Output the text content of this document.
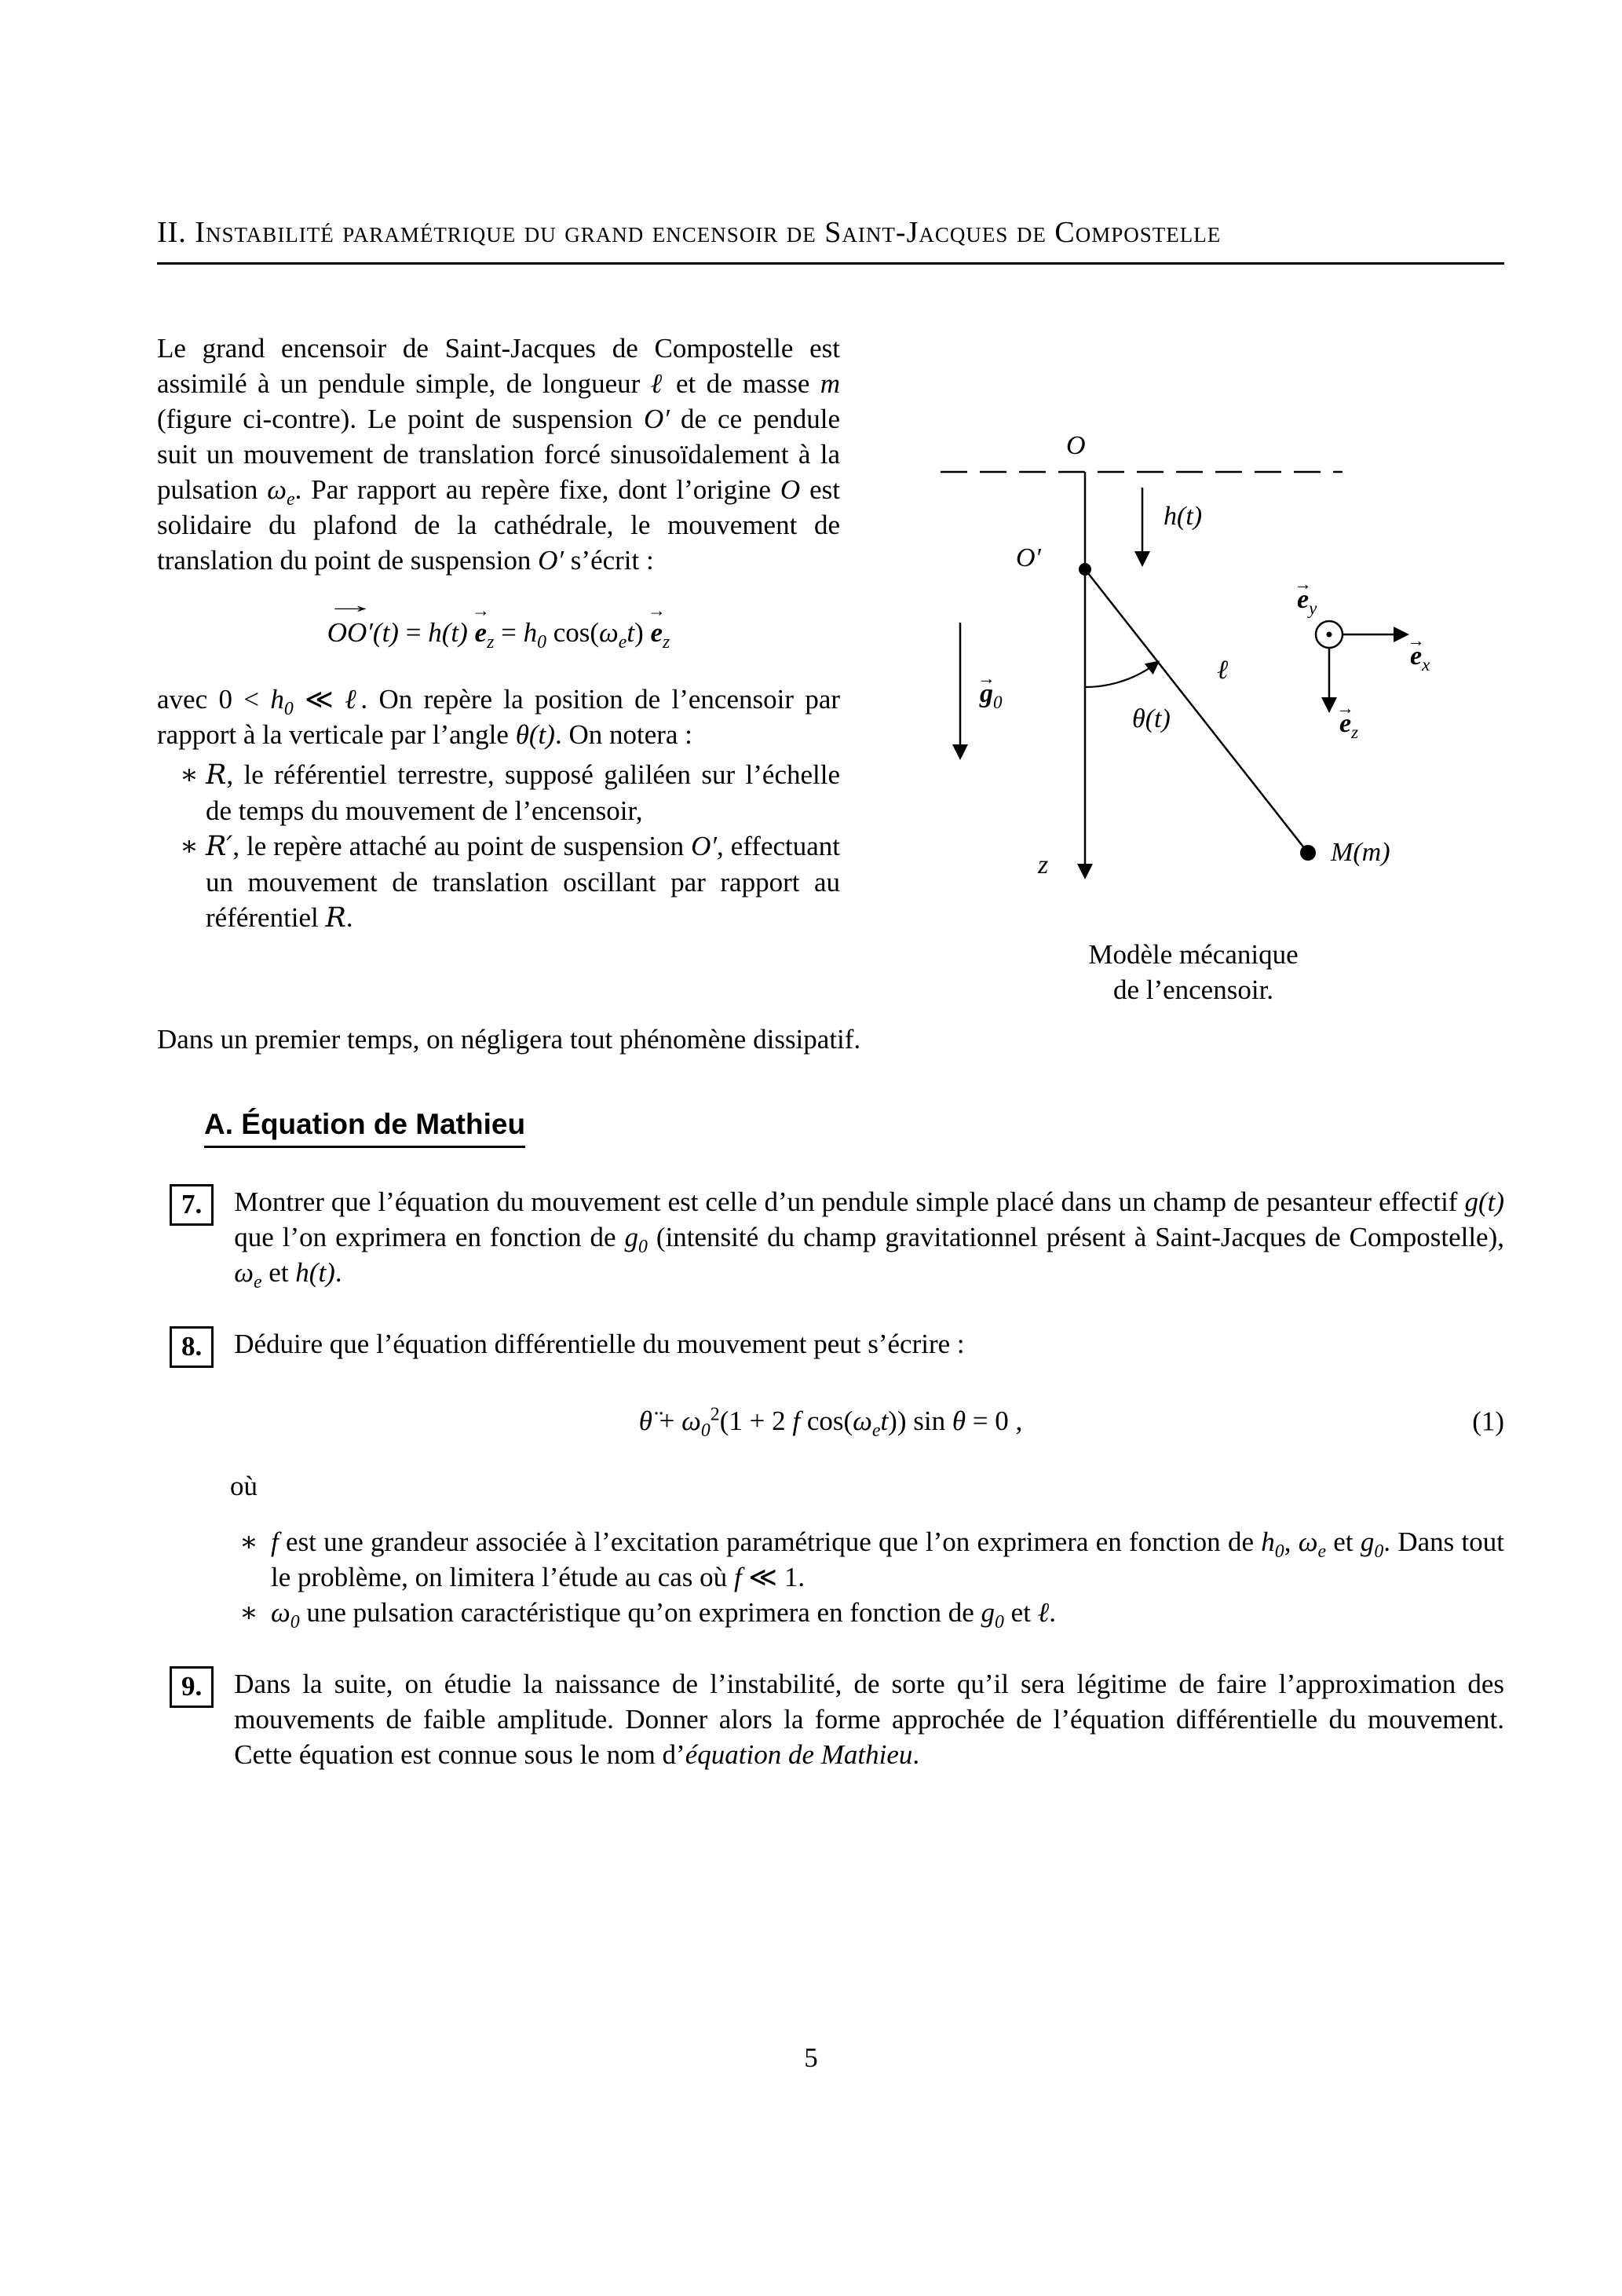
II. Instabilité paramétrique du grand encensoir de Saint-Jacques de Compostelle

Le grand encensoir de Saint-Jacques de Compostelle est assimilé à un pendule simple, de longueur ℓ et de masse m (figure ci-contre). Le point de suspension O′ de ce pendule suit un mouvement de translation forcé sinusoïdalement à la pulsation $\omega_e$. Par rapport au repère fixe, dont l’origine O est solidaire du plafond de la cathédrale, le mouvement de translation du point de suspension O′ s’écrit :

→ OO′(t) = h(t) $e \to_z = h_0$ $\cos(\omega_et)$ $e \to_z$

avec $0 < h_0$ ≪ ℓ. On repère la position de l’encensoir par rapport à la verticale par l’angle θ(t). On notera :

∗ R, le référentiel terrestre, supposé galiléen sur l’échelle de temps du mouvement de l’encensoir,
∗ R′, le repère attaché au point de suspension O′, effectuant un mouvement de translation oscillant par rapport au référentiel R.
O
O′
h(t)
$g \to_0$
z
θ(t)
ℓ
M(m)
$e \to_y$
$e \to_x$
$e \to_z$
Modèle mécanique
de l’encensoir.

Dans un premier temps, on négligera tout phénomène dissipatif.

A. Équation de Mathieu
7.	Montrer que l’équation du mouvement est celle d’un pendule simple placé dans un champ de pesanteur effectif g(t) que l’on exprimera en fonction de $g_0$ (intensité du champ gravitationnel présent à Saint-Jacques de Compostelle), $\omega_e$ et h(t).
8.	Déduire que l’équation différentielle du mouvement peut s’écrire :
θ̈ + $\omega_0^2(1 + 2$ f $\cos(\omega_et)$) sin θ = 0 ,	(1)

où

∗ f est une grandeur associée à l’excitation paramétrique que l’on exprimera en fonction de $h_0$, $\omega_e$ et $g_0$. Dans tout le problème, on limitera l’étude au cas où f ≪ 1.
∗ $\omega_0$ une pulsation caractéristique qu’on exprimera en fonction de $g_0$ et ℓ.
9.	Dans la suite, on étudie la naissance de l’instabilité, de sorte qu’il sera légitime de faire l’approximation des mouvements de faible amplitude. Donner alors la forme approchée de l’équation différentielle du mouvement. Cette équation est connue sous le nom d’équation de Mathieu.
5
